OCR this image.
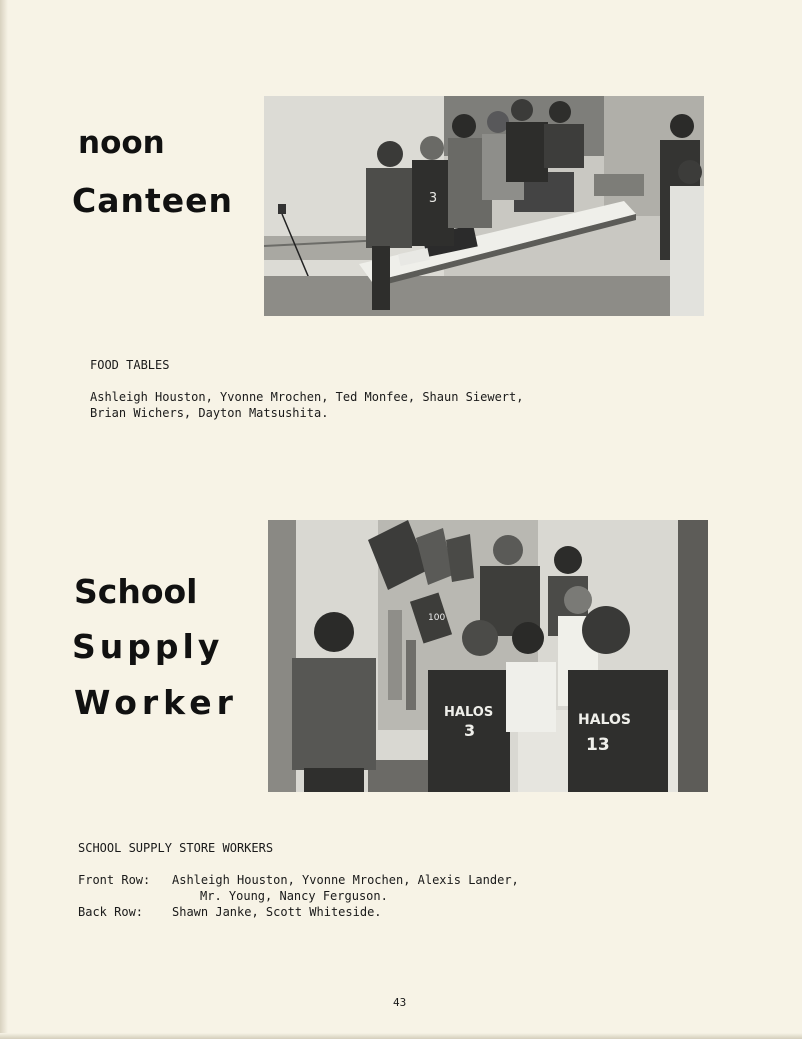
noon
Canteen	3
FOOD TABLES
Ashleigh Houston, Yvonne Mrochen, Ted Monfee, Shaun Siewert,
Brian Wichers, Dayton Matsushita.
School
Supply
Worker
100
HALOS
3
HALOS
13
SCHOOL SUPPLY STORE WORKERS
Front Row: Ashleigh Houston, Yvonne Mrochen, Alexis Lander,
Mr. Young, Nancy Ferguson.
Back Row: Shawn Janke, Scott Whiteside.
43
